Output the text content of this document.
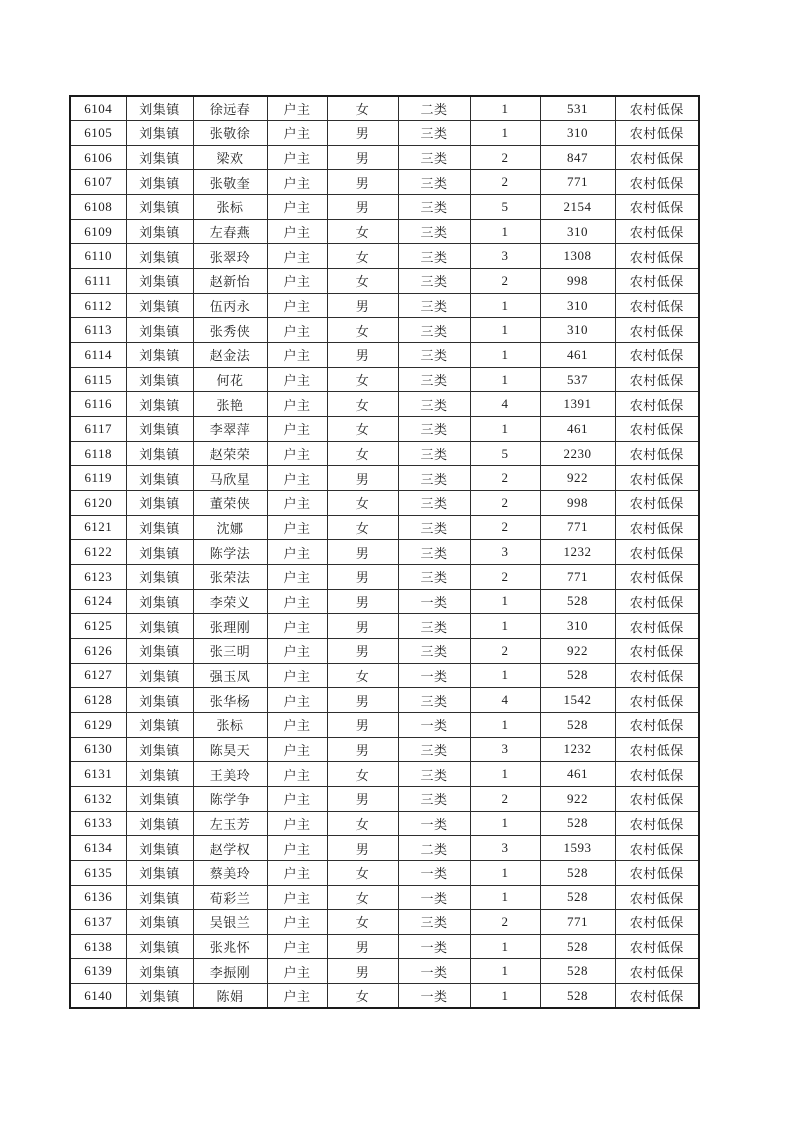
6104	刘集镇	徐远春	户主	女	二类	1	531	农村低保
6105	刘集镇	张敬徐	户主	男	三类	1	310	农村低保
6106	刘集镇	梁欢	户主	男	三类	2	847	农村低保
6107	刘集镇	张敬奎	户主	男	三类	2	771	农村低保
6108	刘集镇	张标	户主	男	三类	5	2154	农村低保
6109	刘集镇	左春燕	户主	女	三类	1	310	农村低保
6110	刘集镇	张翠玲	户主	女	三类	3	1308	农村低保
6111	刘集镇	赵新怡	户主	女	三类	2	998	农村低保
6112	刘集镇	伍丙永	户主	男	三类	1	310	农村低保
6113	刘集镇	张秀侠	户主	女	三类	1	310	农村低保
6114	刘集镇	赵金法	户主	男	三类	1	461	农村低保
6115	刘集镇	何花	户主	女	三类	1	537	农村低保
6116	刘集镇	张艳	户主	女	三类	4	1391	农村低保
6117	刘集镇	李翠萍	户主	女	三类	1	461	农村低保
6118	刘集镇	赵荣荣	户主	女	三类	5	2230	农村低保
6119	刘集镇	马欣星	户主	男	三类	2	922	农村低保
6120	刘集镇	董荣侠	户主	女	三类	2	998	农村低保
6121	刘集镇	沈娜	户主	女	三类	2	771	农村低保
6122	刘集镇	陈学法	户主	男	三类	3	1232	农村低保
6123	刘集镇	张荣法	户主	男	三类	2	771	农村低保
6124	刘集镇	李荣义	户主	男	一类	1	528	农村低保
6125	刘集镇	张理刚	户主	男	三类	1	310	农村低保
6126	刘集镇	张三明	户主	男	三类	2	922	农村低保
6127	刘集镇	强玉凤	户主	女	一类	1	528	农村低保
6128	刘集镇	张华杨	户主	男	三类	4	1542	农村低保
6129	刘集镇	张标	户主	男	一类	1	528	农村低保
6130	刘集镇	陈昊天	户主	男	三类	3	1232	农村低保
6131	刘集镇	王美玲	户主	女	三类	1	461	农村低保
6132	刘集镇	陈学争	户主	男	三类	2	922	农村低保
6133	刘集镇	左玉芳	户主	女	一类	1	528	农村低保
6134	刘集镇	赵学权	户主	男	二类	3	1593	农村低保
6135	刘集镇	蔡美玲	户主	女	一类	1	528	农村低保
6136	刘集镇	荀彩兰	户主	女	一类	1	528	农村低保
6137	刘集镇	吴银兰	户主	女	三类	2	771	农村低保
6138	刘集镇	张兆怀	户主	男	一类	1	528	农村低保
6139	刘集镇	李振刚	户主	男	一类	1	528	农村低保
6140	刘集镇	陈娟	户主	女	一类	1	528	农村低保
